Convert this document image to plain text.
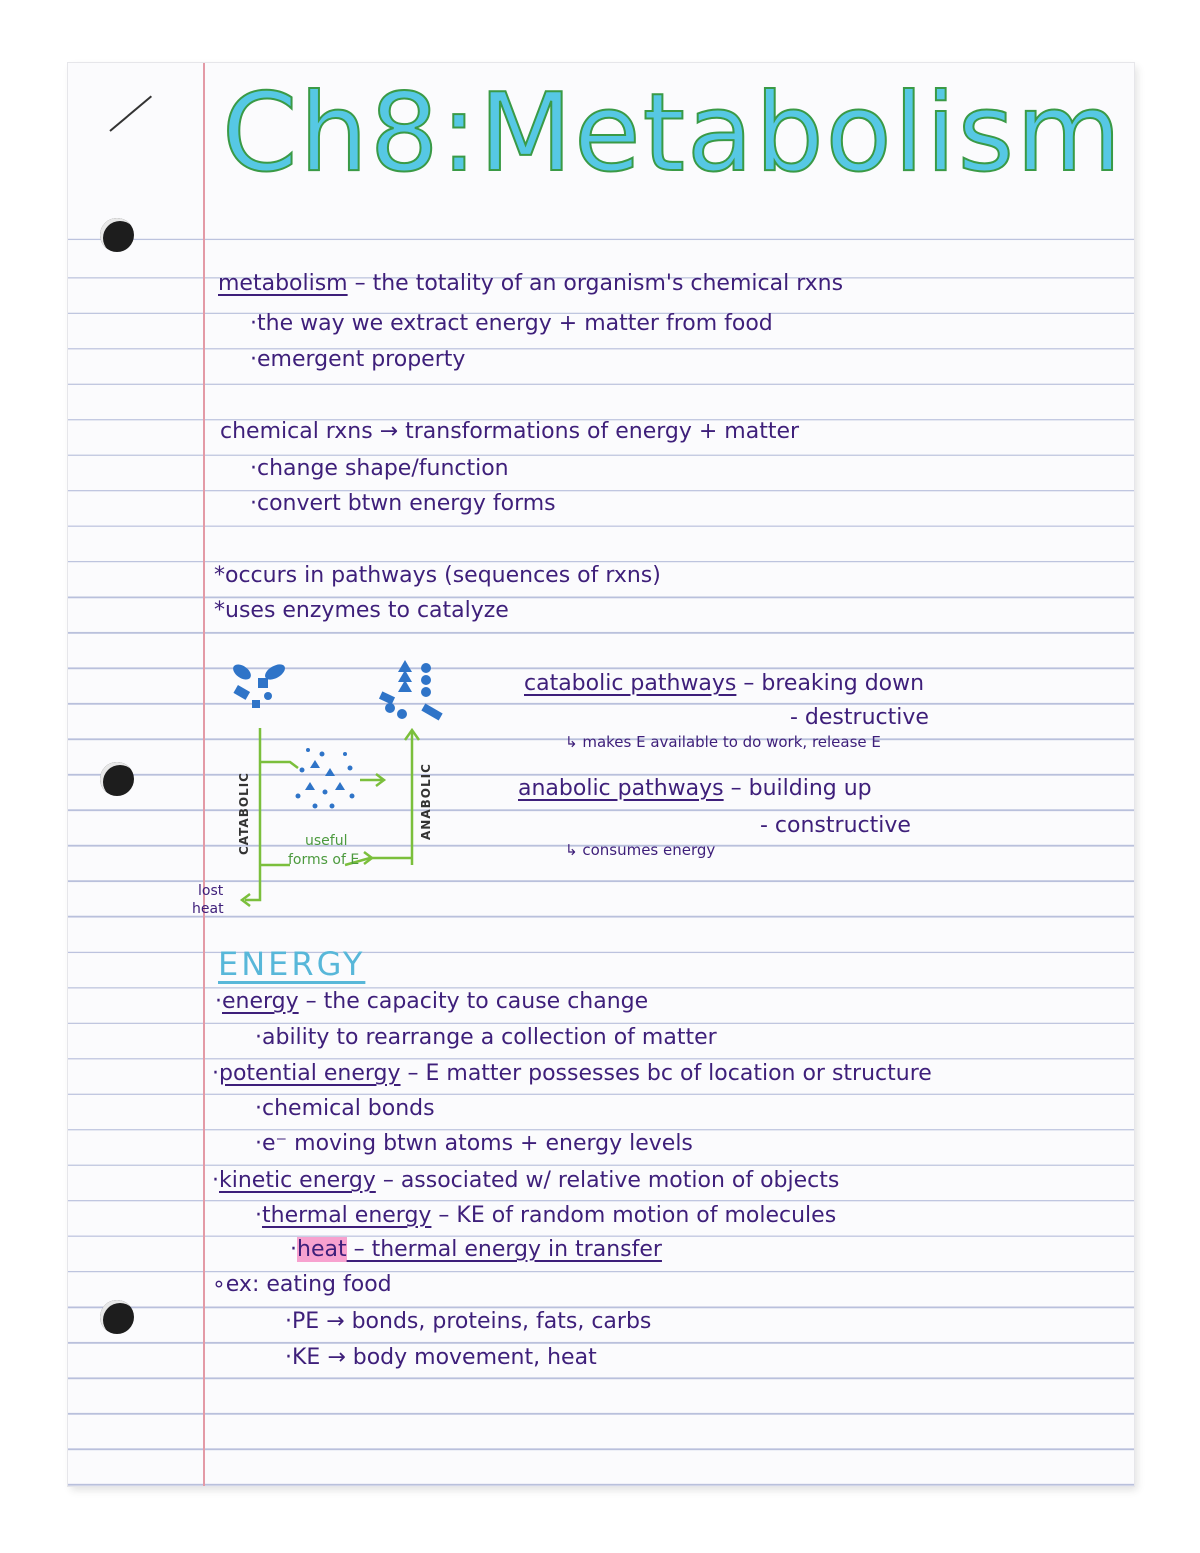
Ch8:Metabolism
metabolism – the totality of an organism's chemical rxns
·the way we extract energy + matter from food
·emergent property
chemical rxns → transformations of energy + matter
·change shape/function
·convert btwn energy forms
*occurs in pathways (sequences of rxns)
*uses enzymes to catalyze
CATABOLIC	ANABOLIC
useful
forms of E
lost
heat
catabolic pathways – breaking down
- destructive
↳ makes E available to do work, release E
anabolic pathways – building up
- constructive
↳ consumes energy
ENERGY
·energy – the capacity to cause change
·ability to rearrange a collection of matter
·potential energy – E matter possesses bc of location or structure
·chemical bonds
·e⁻ moving btwn atoms + energy levels
·kinetic energy – associated w/ relative motion of objects
·thermal energy – KE of random motion of molecules
·heat – thermal energy in transfer
∘ex: eating food
·PE → bonds, proteins, fats, carbs
·KE → body movement, heat
